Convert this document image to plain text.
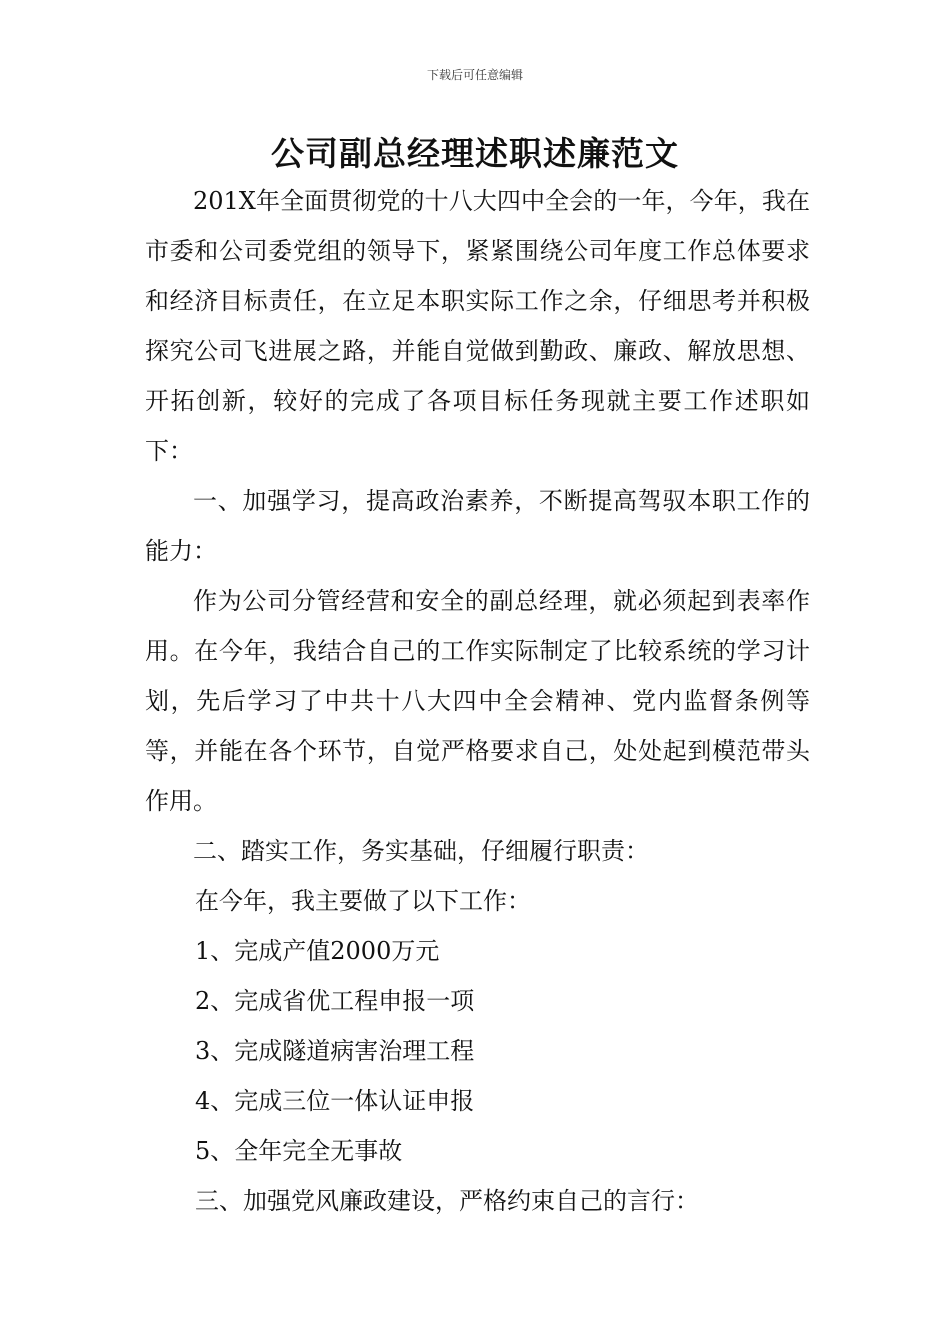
下载后可任意编辑
公司副总经理述职述廉范文

201X年全面贯彻党的十八大四中全会的一年，今年，我在市委和公司委党组的领导下，紧紧围绕公司年度工作总体要求和经济目标责任，在立足本职实际工作之余，仔细思考并积极探究公司飞进展之路，并能自觉做到勤政、廉政、解放思想、开拓创新，较好的完成了各项目标任务现就主要工作述职如下：

一、加强学习，提高政治素养，不断提高驾驭本职工作的能力：

作为公司分管经营和安全的副总经理，就必须起到表率作用。在今年，我结合自己的工作实际制定了比较系统的学习计划，先后学习了中共十八大四中全会精神、党内监督条例等等，并能在各个环节，自觉严格要求自己，处处起到模范带头作用。

二、踏实工作，务实基础，仔细履行职责：

在今年，我主要做了以下工作：

1、完成产值2000万元

2、完成省优工程申报一项

3、完成隧道病害治理工程

4、完成三位一体认证申报

5、全年完全无事故

三、加强党风廉政建设，严格约束自己的言行：
